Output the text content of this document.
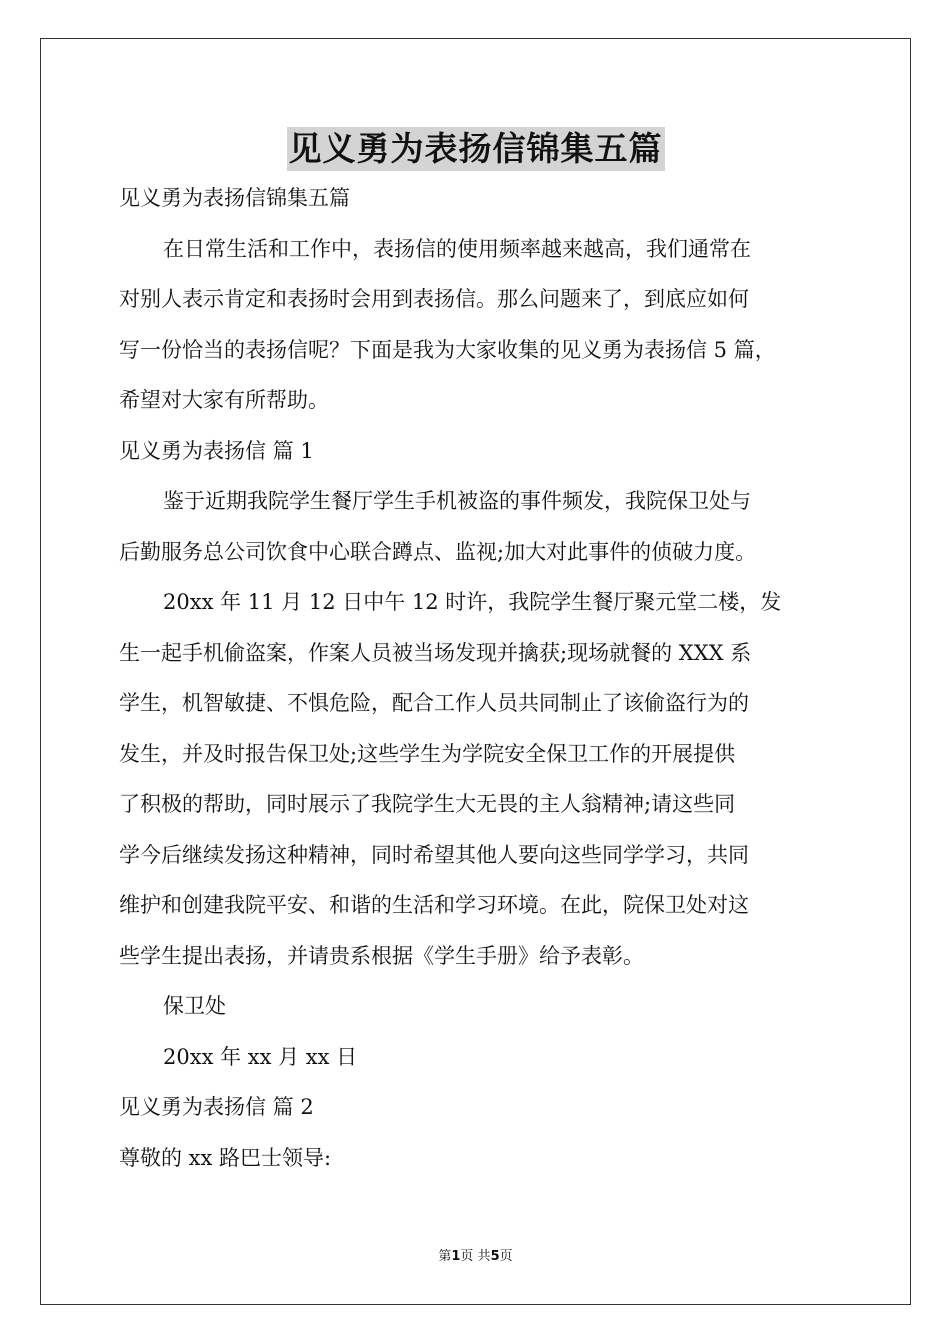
见义勇为表扬信锦集五篇
见义勇为表扬信锦集五篇
在日常生活和工作中，表扬信的使用频率越来越高，我们通常在
对别人表示肯定和表扬时会用到表扬信。那么问题来了，到底应如何
写一份恰当的表扬信呢？下面是我为大家收集的见义勇为表扬信 5 篇，
希望对大家有所帮助。
见义勇为表扬信 篇 1
鉴于近期我院学生餐厅学生手机被盗的事件频发，我院保卫处与
后勤服务总公司饮食中心联合蹲点、监视;加大对此事件的侦破力度。
20xx 年 11 月 12 日中午 12 时许，我院学生餐厅聚元堂二楼，发
生一起手机偷盗案，作案人员被当场发现并擒获;现场就餐的 XXX 系
学生，机智敏捷、不惧危险，配合工作人员共同制止了该偷盗行为的
发生，并及时报告保卫处;这些学生为学院安全保卫工作的开展提供
了积极的帮助，同时展示了我院学生大无畏的主人翁精神;请这些同
学今后继续发扬这种精神，同时希望其他人要向这些同学学习，共同
维护和创建我院平安、和谐的生活和学习环境。在此，院保卫处对这
些学生提出表扬，并请贵系根据《学生手册》给予表彰。
保卫处
20xx 年 xx 月 xx 日
见义勇为表扬信 篇 2
尊敬的 xx 路巴士领导:
第1页 共5页
